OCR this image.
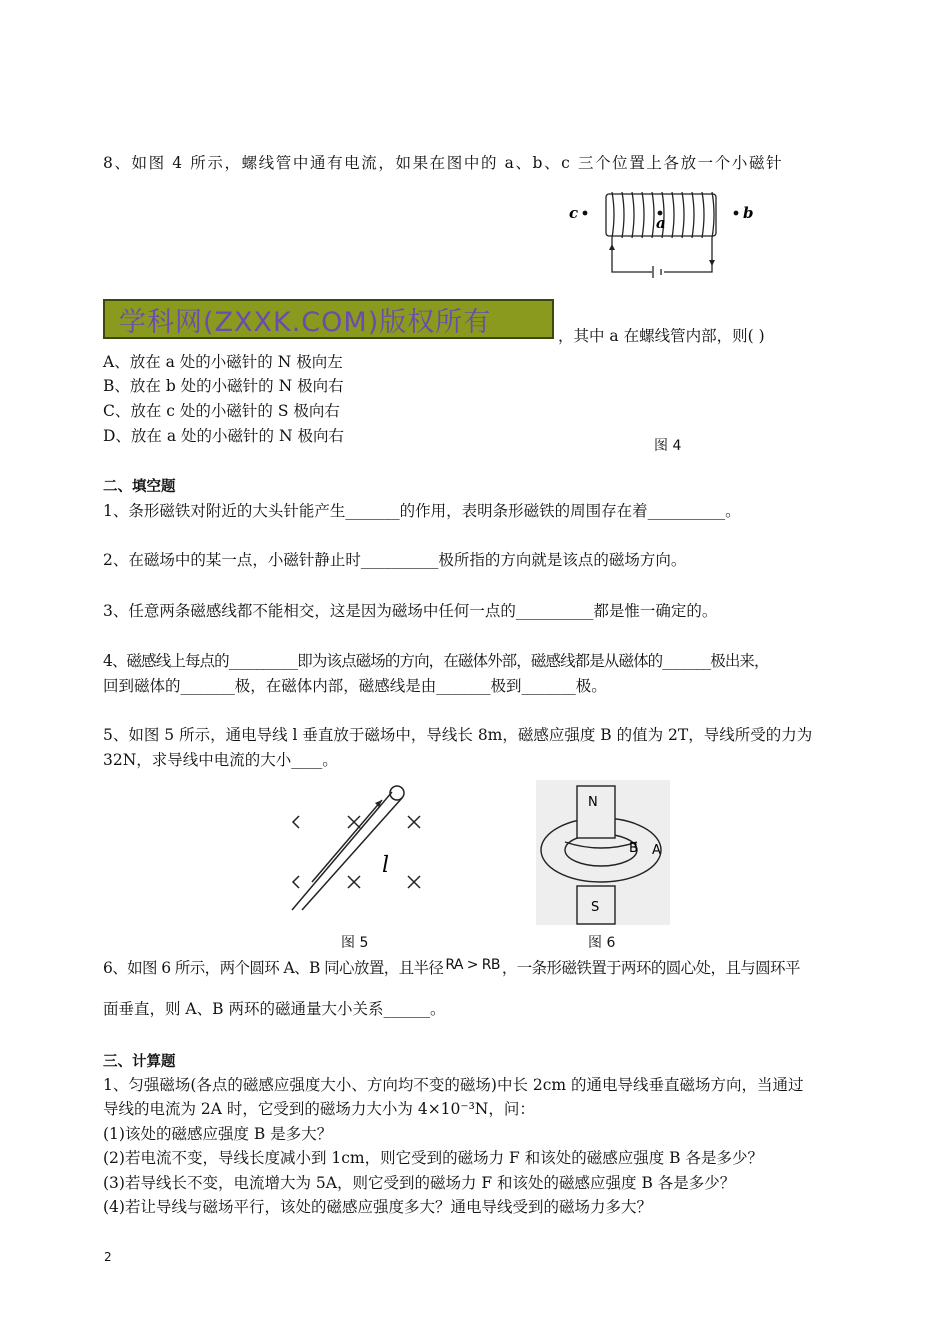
8、如图 4 所示，螺线管中通有电流，如果在图中的 a、b、c 三个位置上各放一个小磁针
a
c	b
学科网(ZXXK.COM)版权所有	，其中 a 在螺线管内部，则( )
A、放在 a 处的小磁针的 N 极向左
B、放在 b 处的小磁针的 N 极向右
C、放在 c 处的小磁针的 S 极向右
D、放在 a 处的小磁针的 N 极向右
图 4
二、填空题
1、条形磁铁对附近的大头针能产生_______的作用，表明条形磁铁的周围存在着__________。
2、在磁场中的某一点，小磁针静止时__________极所指的方向就是该点的磁场方向。
3、任意两条磁感线都不能相交，这是因为磁场中任何一点的__________都是惟一确定的。
4、磁感线上每点的__________即为该点磁场的方向，在磁体外部，磁感线都是从磁体的_______极出来，
回到磁体的_______极，在磁体内部，磁感线是由_______极到_______极。
5、如图 5 所示，通电导线 l 垂直放于磁场中，导线长 8m，磁感应强度 B 的值为 2T，导线所受的力为
32N，求导线中电流的大小____。
l
N
S
B A
图 5	图 6
6、如图 6 所示，两个圆环 A、B 同心放置，且半径 RA > RB ，一条形磁铁置于两环的圆心处，且与圆环平
面垂直，则 A、B 两环的磁通量大小关系______。
三、计算题
1、匀强磁场(各点的磁感应强度大小、方向均不变的磁场)中长 2cm 的通电导线垂直磁场方向，当通过
导线的电流为 2A 时，它受到的磁场力大小为 4×10⁻³N，问：
(1)该处的磁感应强度 B 是多大？
(2)若电流不变，导线长度减小到 1cm，则它受到的磁场力 F 和该处的磁感应强度 B 各是多少？
(3)若导线长不变，电流增大为 5A，则它受到的磁场力 F 和该处的磁感应强度 B 各是多少？
(4)若让导线与磁场平行，该处的磁感应强度多大？通电导线受到的磁场力多大？
2
